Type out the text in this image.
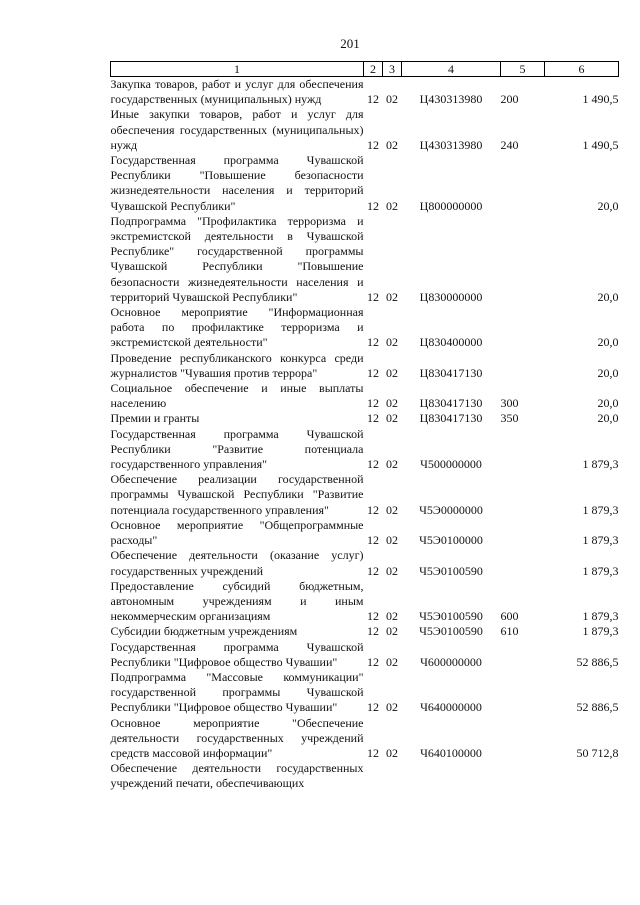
201
1	2	3	4	5	6
Закупка товаров, работ и услуг для обеспечения государственных (муниципальных) нужд	12	02	Ц430313980	200	1 490,5
Иные закупки товаров, работ и услуг для обеспечения государственных (муниципальных) нужд	12	02	Ц430313980	240	1 490,5
Государственная программа Чувашской Республики "Повышение безопасности жизнедеятельности населения и территорий Чувашской Республики"	12	02	Ц800000000		20,0
Подпрограмма "Профилактика терроризма и экстремистской деятельности в Чувашской Республике" государственной программы Чувашской Республики "Повышение безопасности жизнедеятельности населения и территорий Чувашской Республики"	12	02	Ц830000000		20,0
Основное мероприятие "Информационная работа по профилактике терроризма и экстремистской деятельности"	12	02	Ц830400000		20,0
Проведение республиканского конкурса среди журналистов "Чувашия против террора"	12	02	Ц830417130		20,0
Социальное обеспечение и иные выплаты населению	12	02	Ц830417130	300	20,0
Премии и гранты	12	02	Ц830417130	350	20,0
Государственная программа Чувашской Республики "Развитие потенциала государственного управления"	12	02	Ч500000000		1 879,3
Обеспечение реализации государственной программы Чувашской Республики "Развитие потенциала государственного управления"	12	02	Ч5Э0000000		1 879,3
Основное мероприятие "Общепрограммные расходы"	12	02	Ч5Э0100000		1 879,3
Обеспечение деятельности (оказание услуг) государственных учреждений	12	02	Ч5Э0100590		1 879,3
Предоставление субсидий бюджетным, автономным учреждениям и иным некоммерческим организациям	12	02	Ч5Э0100590	600	1 879,3
Субсидии бюджетным учреждениям	12	02	Ч5Э0100590	610	1 879,3
Государственная программа Чувашской Республики "Цифровое общество Чувашии"	12	02	Ч600000000		52 886,5
Подпрограмма "Массовые коммуникации" государственной программы Чувашской Республики "Цифровое общество Чувашии"	12	02	Ч640000000		52 886,5
Основное мероприятие "Обеспечение деятельности государственных учреждений средств массовой информации"	12	02	Ч640100000		50 712,8
Обеспечение деятельности государственных учреждений печати, обеспечивающих					
